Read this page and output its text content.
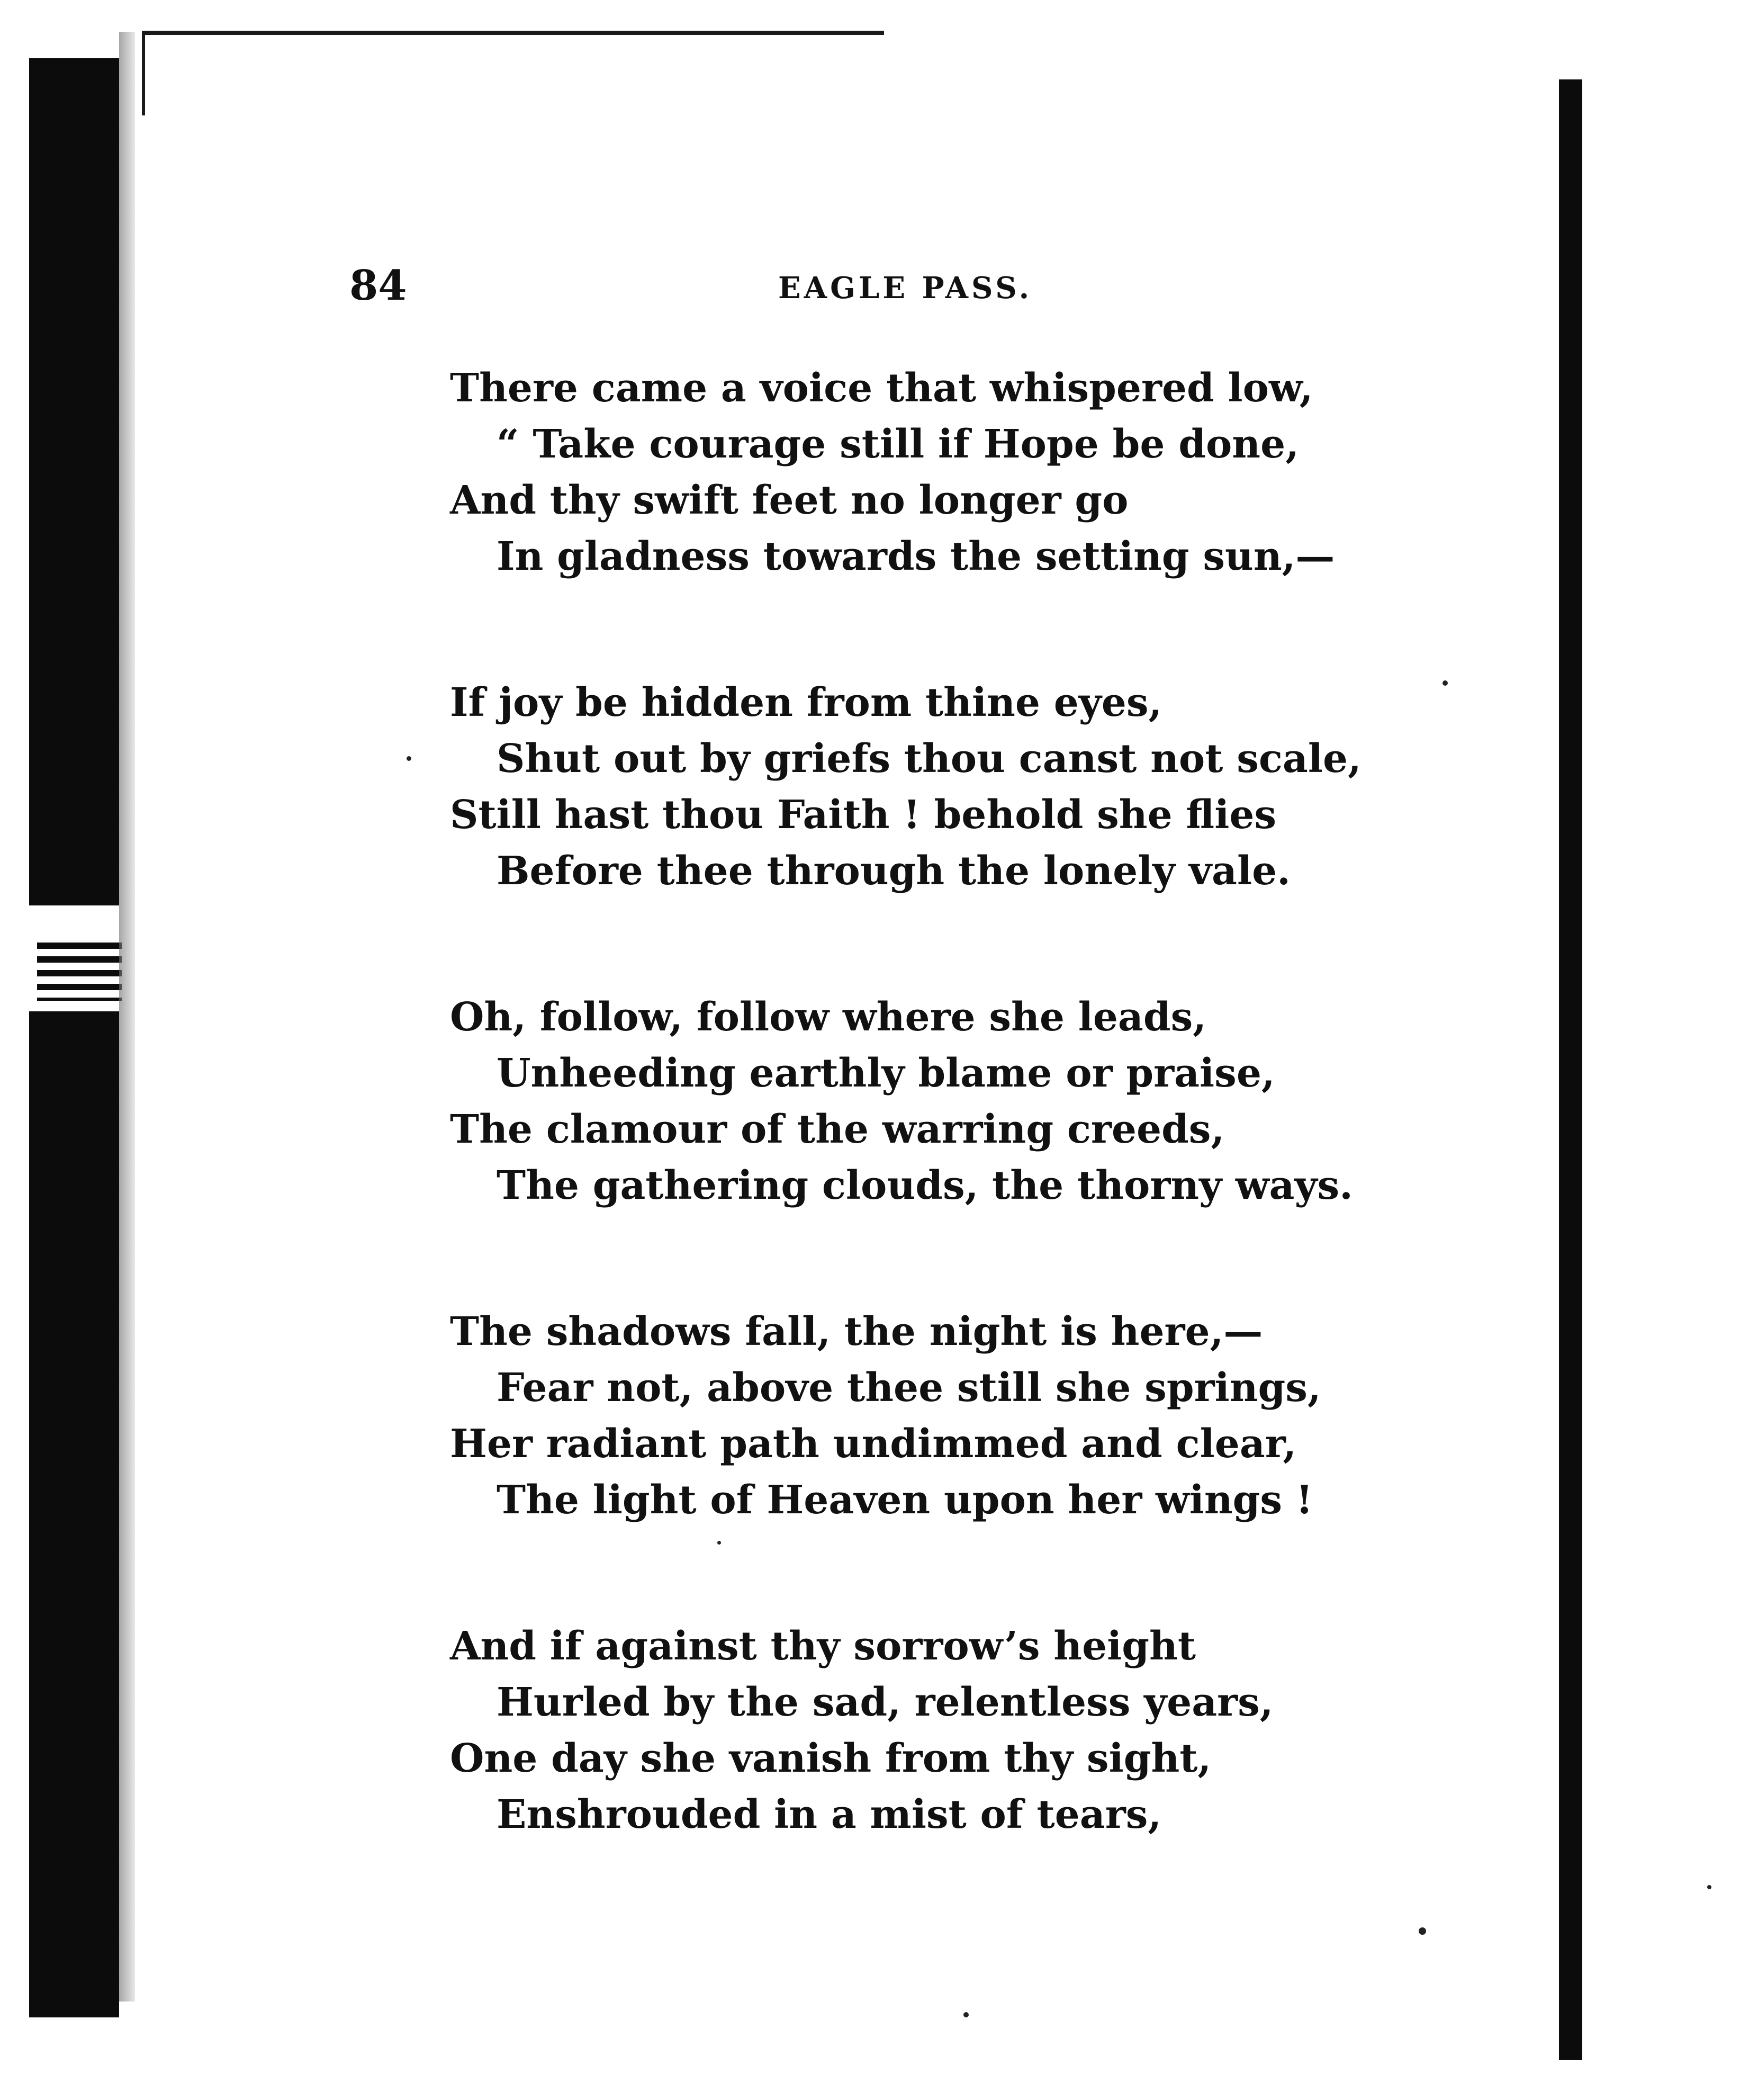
84	EAGLE PASS.
There came a voice that whispered low,
“ Take courage still if Hope be done,
And thy swift feet no longer go
In gladness towards the setting sun,—
If joy be hidden from thine eyes,
Shut out by griefs thou canst not scale,
Still hast thou Faith ! behold she flies
Before thee through the lonely vale.
Oh, follow, follow where she leads,
Unheeding earthly blame or praise,
The clamour of the warring creeds,
The gathering clouds, the thorny ways.
The shadows fall, the night is here,—
Fear not, above thee still she springs,
Her radiant path undimmed and clear,
The light of Heaven upon her wings !
And if against thy sorrow’s height
Hurled by the sad, relentless years,
One day she vanish from thy sight,
Enshrouded in a mist of tears,
